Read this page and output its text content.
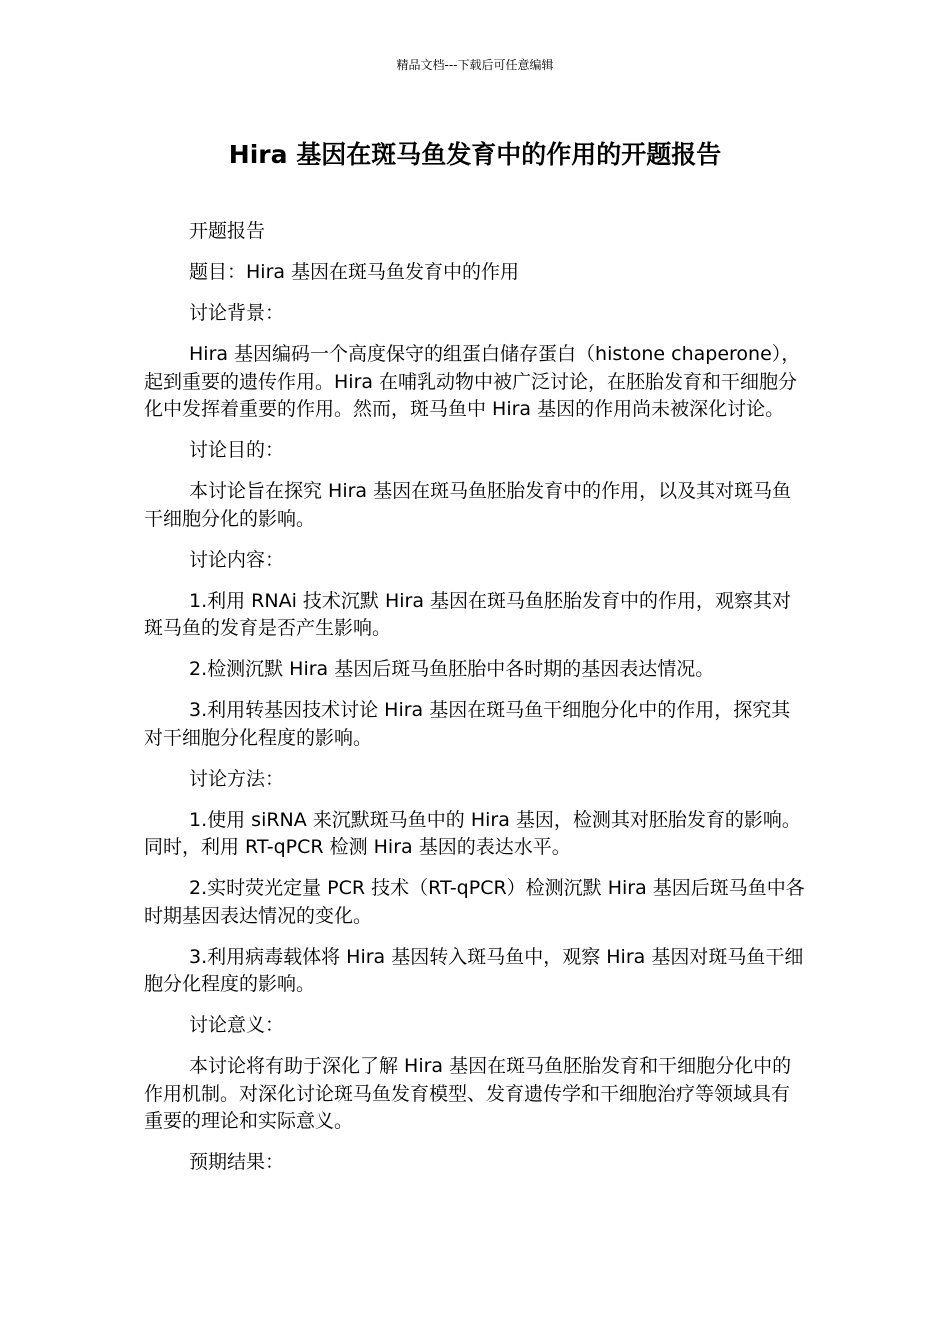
精品文档---下载后可任意编辑
Hira 基因在斑马鱼发育中的作用的开题报告

开题报告

题目：Hira 基因在斑马鱼发育中的作用

讨论背景：

Hira 基因编码一个高度保守的组蛋白储存蛋白（histone chaperone），起到重要的遗传作用。Hira 在哺乳动物中被广泛讨论，在胚胎发育和干细胞分化中发挥着重要的作用。然而，斑马鱼中 Hira 基因的作用尚未被深化讨论。

讨论目的：

本讨论旨在探究 Hira 基因在斑马鱼胚胎发育中的作用，以及其对斑马鱼干细胞分化的影响。

讨论内容：

1.利用 RNAi 技术沉默 Hira 基因在斑马鱼胚胎发育中的作用，观察其对斑马鱼的发育是否产生影响。

2.检测沉默 Hira 基因后斑马鱼胚胎中各时期的基因表达情况。

3.利用转基因技术讨论 Hira 基因在斑马鱼干细胞分化中的作用，探究其对干细胞分化程度的影响。

讨论方法：

1.使用 siRNA 来沉默斑马鱼中的 Hira 基因，检测其对胚胎发育的影响。同时，利用 RT-qPCR 检测 Hira 基因的表达水平。

2.实时荧光定量 PCR 技术（RT-qPCR）检测沉默 Hira 基因后斑马鱼中各时期基因表达情况的变化。

3.利用病毒载体将 Hira 基因转入斑马鱼中，观察 Hira 基因对斑马鱼干细胞分化程度的影响。

讨论意义：

本讨论将有助于深化了解 Hira 基因在斑马鱼胚胎发育和干细胞分化中的作用机制。对深化讨论斑马鱼发育模型、发育遗传学和干细胞治疗等领域具有重要的理论和实际意义。

预期结果：
